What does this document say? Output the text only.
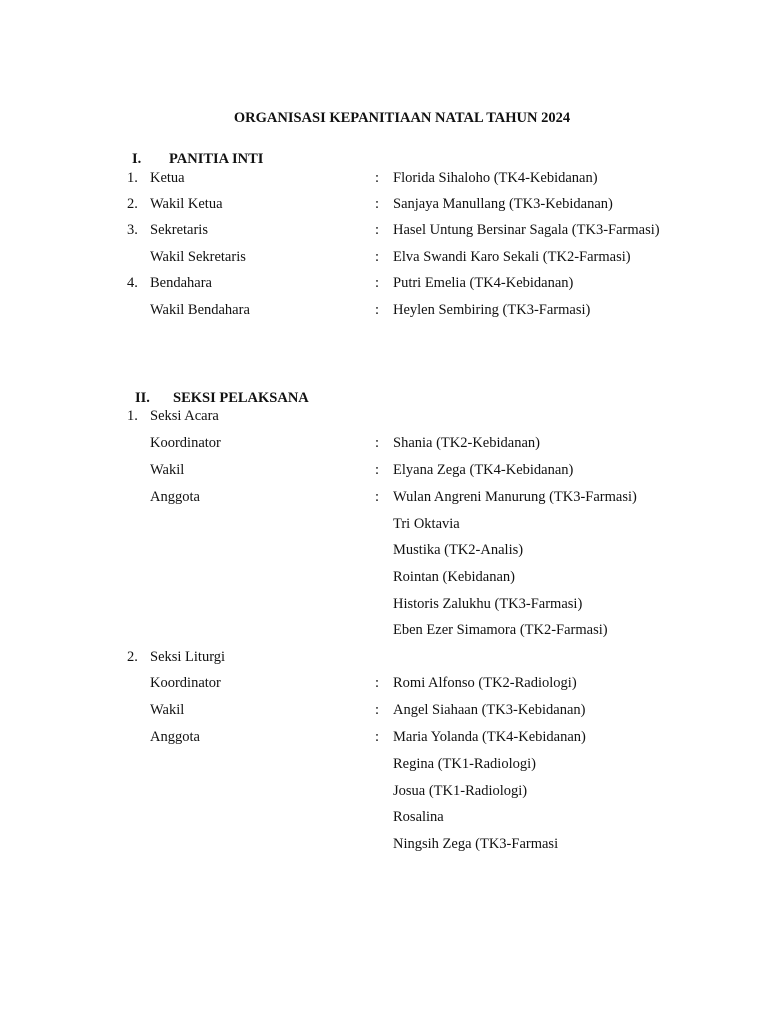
ORGANISASI KEPANITIAAN NATAL TAHUN 2024
I. PANITIA INTI
1. Ketua	: Florida Sihaloho (TK4-Kebidanan)
2. Wakil Ketua	: Sanjaya Manullang (TK3-Kebidanan)
3. Sekretaris	: Hasel Untung Bersinar Sagala (TK3-Farmasi)
Wakil Sekretaris	: Elva Swandi Karo Sekali (TK2-Farmasi)
4. Bendahara	: Putri Emelia (TK4-Kebidanan)
Wakil Bendahara	: Heylen Sembiring (TK3-Farmasi)
II. SEKSI PELAKSANA
1. Seksi Acara
Koordinator	: Shania (TK2-Kebidanan)
Wakil	: Elyana Zega (TK4-Kebidanan)
Anggota	: Wulan Angreni Manurung (TK3-Farmasi)
Tri Oktavia
Mustika (TK2-Analis)
Rointan (Kebidanan)
Historis Zalukhu (TK3-Farmasi)
Eben Ezer Simamora (TK2-Farmasi)
2. Seksi Liturgi
Koordinator	: Romi Alfonso (TK2-Radiologi)
Wakil	: Angel Siahaan (TK3-Kebidanan)
Anggota	: Maria Yolanda (TK4-Kebidanan)
Regina (TK1-Radiologi)
Josua (TK1-Radiologi)
Rosalina
Ningsih Zega (TK3-Farmasi
